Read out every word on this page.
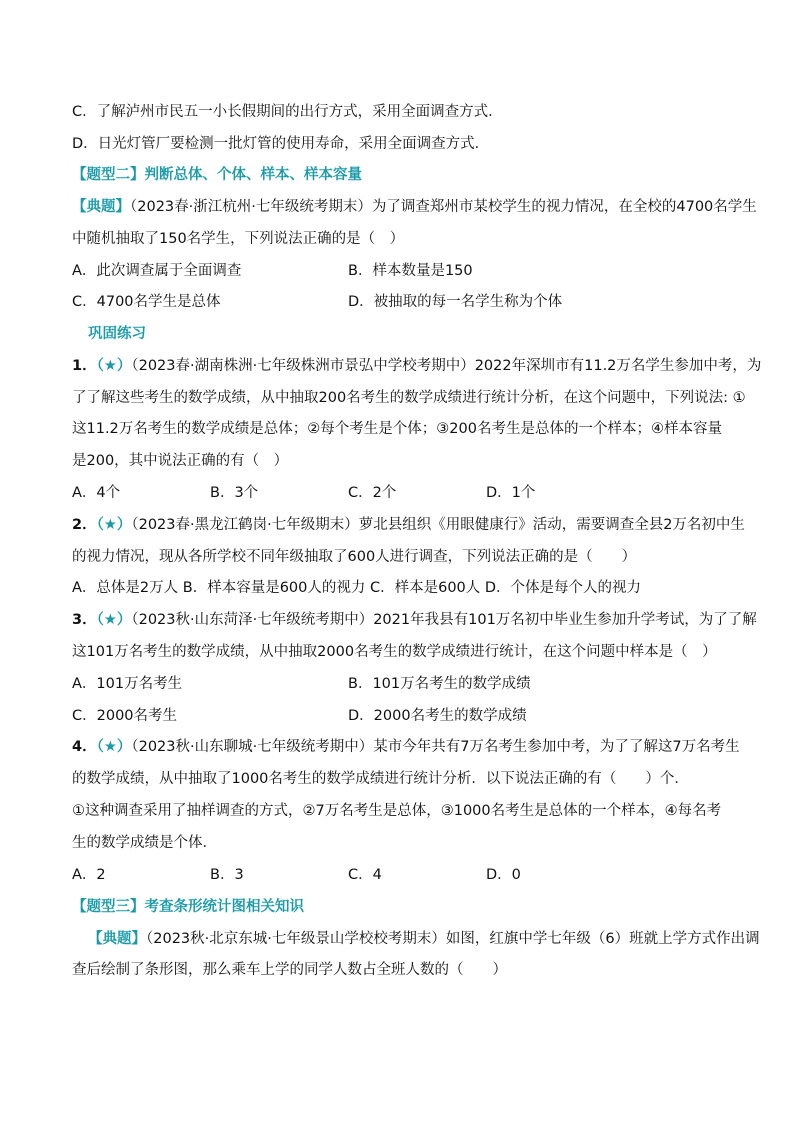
C．了解泸州市民五一小长假期间的出行方式，采用全面调查方式．
D．日光灯管厂要检测一批灯管的使用寿命，采用全面调查方式．
【题型二】判断总体、个体、样本、样本容量
【典题】（2023春·浙江杭州·七年级统考期末）为了调查郑州市某校学生的视力情况，在全校的4700名学生
中随机抽取了150名学生，下列说法正确的是（　）
A．此次调查属于全面调查	B．样本数量是150
C．4700名学生是总体	D．被抽取的每一名学生称为个体
巩固练习
1．（★）（2023春·湖南株洲·七年级株洲市景弘中学校考期中）2022年深圳市有11.2万名学生参加中考，为
了了解这些考生的数学成绩，从中抽取200名考生的数学成绩进行统计分析，在这个问题中，下列说法: ①
这11.2万名考生的数学成绩是总体；②每个考生是个体；③200名考生是总体的一个样本；④样本容量
是200，其中说法正确的有（　）
A．4个	B．3个	C．2个	D．1个
2．（★）（2023春·黑龙江鹤岗·七年级期末）萝北县组织《用眼健康行》活动，需要调查全县2万名初中生
的视力情况，现从各所学校不同年级抽取了600人进行调查，下列说法正确的是（　　）
A．总体是2万人 B．样本容量是600人的视力 C．样本是600人 D．个体是每个人的视力
3．（★）（2023秋·山东菏泽·七年级统考期中）2021年我县有101万名初中毕业生参加升学考试，为了了解
这101万名考生的数学成绩，从中抽取2000名考生的数学成绩进行统计，在这个问题中样本是（　）
A．101万名考生	B．101万名考生的数学成绩
C．2000名考生	D．2000名考生的数学成绩
4．（★）（2023秋·山东聊城·七年级统考期中）某市今年共有7万名考生参加中考，为了了解这7万名考生
的数学成绩，从中抽取了1000名考生的数学成绩进行统计分析．以下说法正确的有（　　）个．
①这种调查采用了抽样调查的方式，②7万名考生是总体，③1000名考生是总体的一个样本，④每名考
生的数学成绩是个体．
A．2	B．3	C．4	D．0
【题型三】考查条形统计图相关知识
【典题】（2023秋·北京东城·七年级景山学校校考期末）如图，红旗中学七年级（6）班就上学方式作出调
查后绘制了条形图，那么乘车上学的同学人数占全班人数的（　　）
